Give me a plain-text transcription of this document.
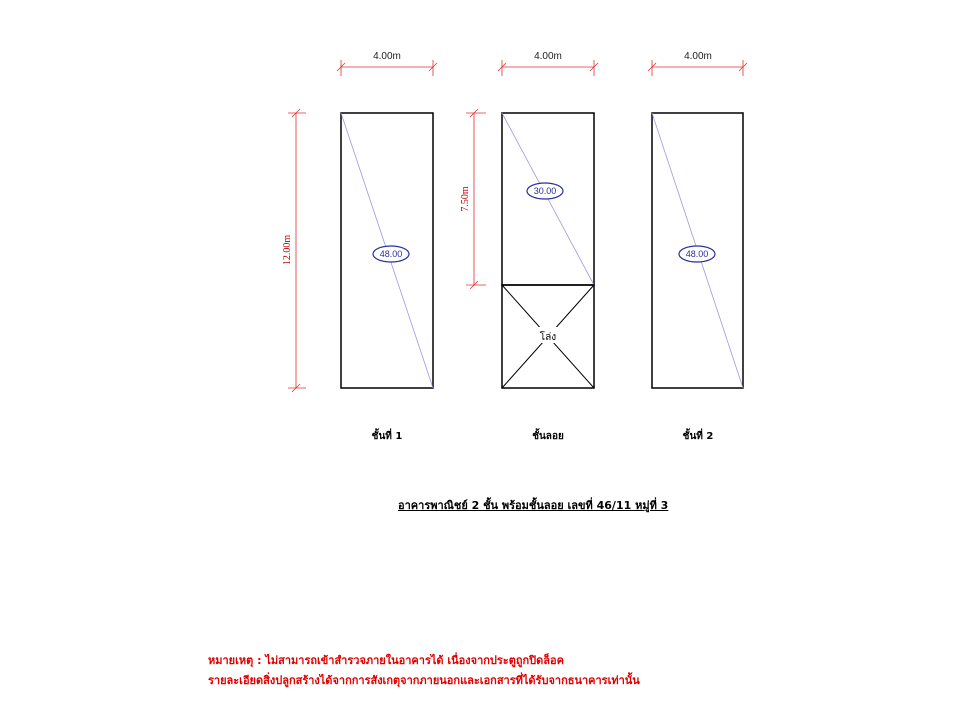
4.00m
12.00m	48.00
ชั้นที่ 1
4.00m
7.50m
โล่ง
30.00
ชั้นลอย
4.00m
48.00
ชั้นที่ 2
อาคารพาณิชย์ 2 ชั้น พร้อมชั้นลอย เลขที่ 46/11 หมู่ที่ 3
หมายเหตุ : ไม่สามารถเข้าสำรวจภายในอาคารได้ เนื่องจากประตูถูกปิดล็อค
รายละเอียดสิ่งปลูกสร้างได้จากการสังเกตุจากภายนอกและเอกสารที่ได้รับจากธนาคารเท่านั้น
